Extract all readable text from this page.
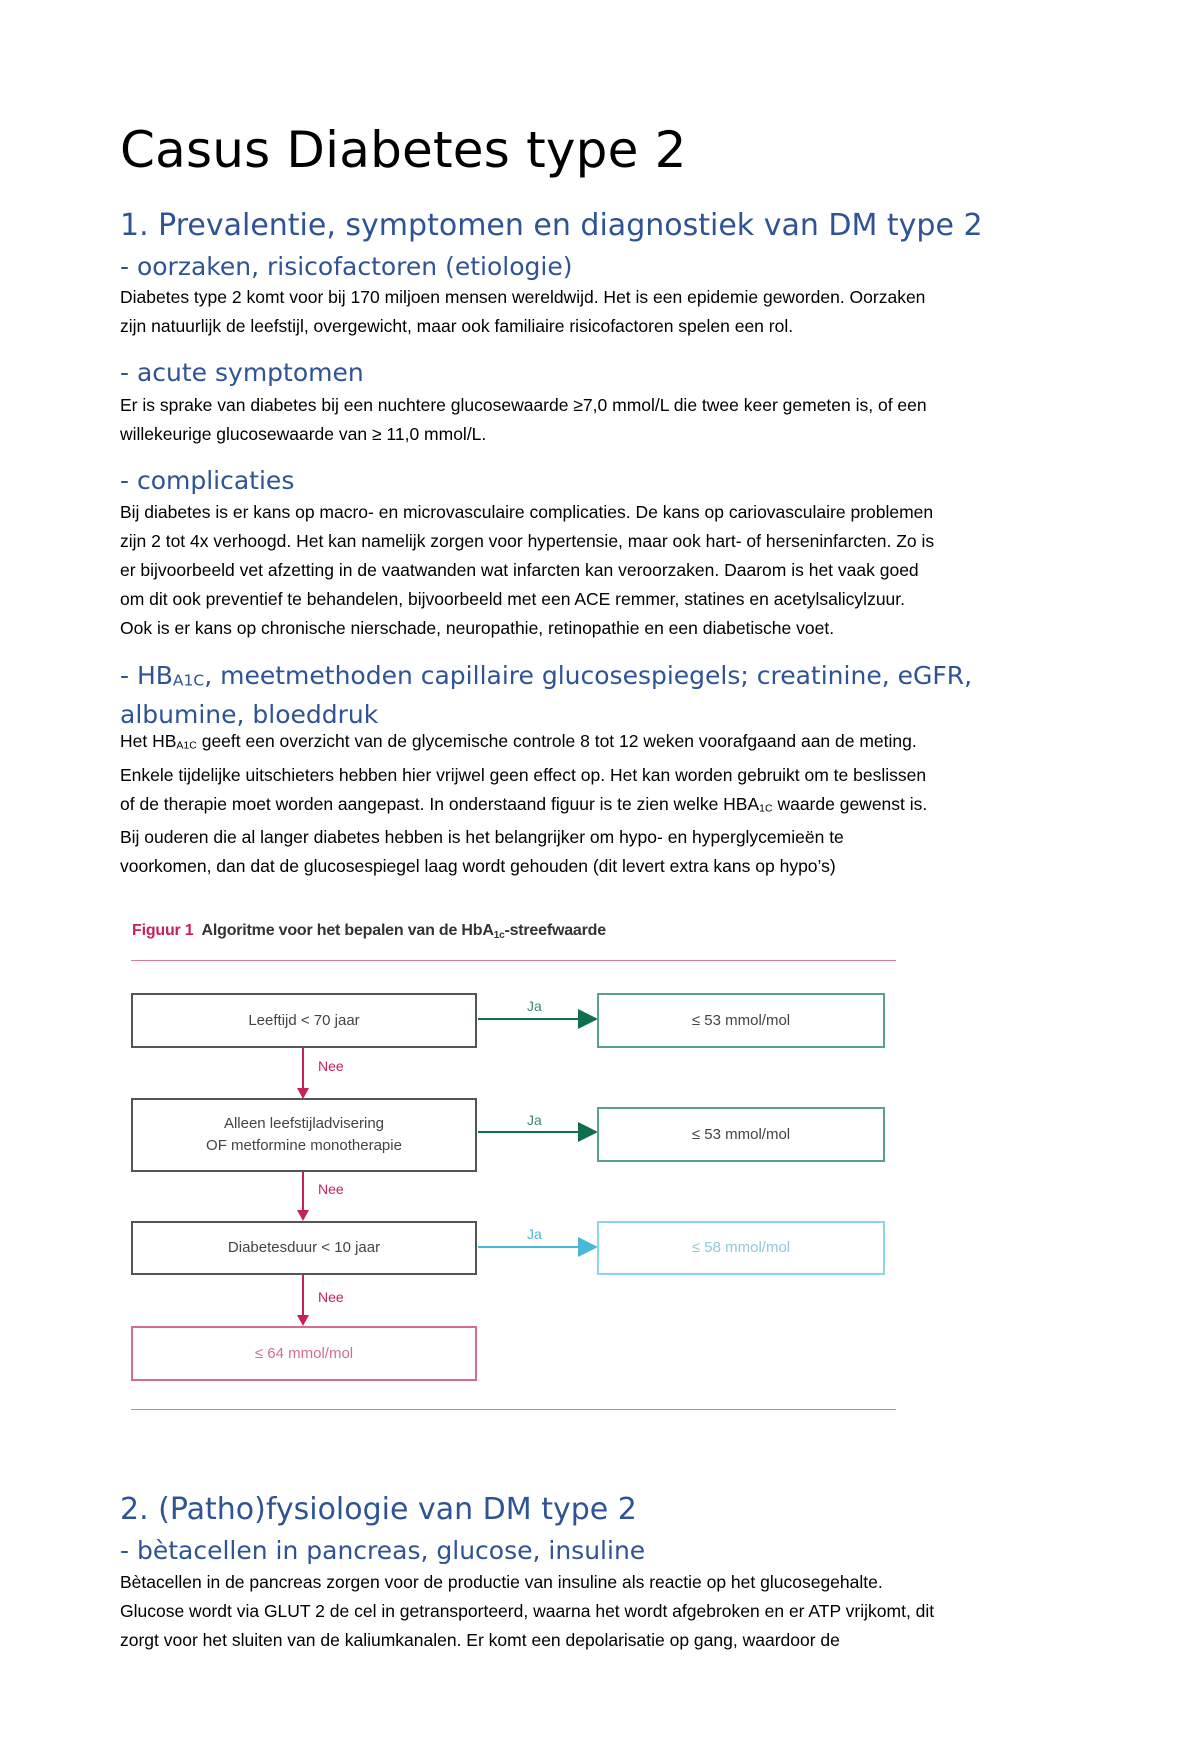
Casus Diabetes type 2
1. Prevalentie, symptomen en diagnostiek van DM type 2
- oorzaken, risicofactoren (etiologie)

Diabetes type 2 komt voor bij 170 miljoen mensen wereldwijd. Het is een epidemie geworden. Oorzaken
zijn natuurlijk de leefstijl, overgewicht, maar ook familiaire risicofactoren spelen een rol.

- acute symptomen

Er is sprake van diabetes bij een nuchtere glucosewaarde ≥7,0 mmol/L die twee keer gemeten is, of een
willekeurige glucosewaarde van ≥ 11,0 mmol/L.

- complicaties

Bij diabetes is er kans op macro- en microvasculaire complicaties. De kans op cariovasculaire problemen
zijn 2 tot 4x verhoogd. Het kan namelijk zorgen voor hypertensie, maar ook hart- of herseninfarcten. Zo is
er bijvoorbeeld vet afzetting in de vaatwanden wat infarcten kan veroorzaken. Daarom is het vaak goed
om dit ook preventief te behandelen, bijvoorbeeld met een ACE remmer, statines en acetylsalicylzuur.
Ook is er kans op chronische nierschade, neuropathie, retinopathie en een diabetische voet.

- HBA1C, meetmethoden capillaire glucosespiegels; creatinine, eGFR,
albumine, bloeddruk

Het HBA1C geeft een overzicht van de glycemische controle 8 tot 12 weken voorafgaand aan de meting.
Enkele tijdelijke uitschieters hebben hier vrijwel geen effect op. Het kan worden gebruikt om te beslissen
of de therapie moet worden aangepast. In onderstaand figuur is te zien welke HBA1C waarde gewenst is.
Bij ouderen die al langer diabetes hebben is het belangrijker om hypo- en hyperglycemieën te
voorkomen, dan dat de glucosespiegel laag wordt gehouden (dit levert extra kans op hypo’s)

Figuur 1 Algoritme voor het bepalen van de HbA1c-streefwaarde
Leeftijd < 70 jaar	≤ 53 mmol/mol
Alleen leefstijladvisering
OF metformine monotherapie
≤ 53 mmol/mol
Diabetesduur < 10 jaar	≤ 58 mmol/mol
≤ 64 mmol/mol
Ja
Ja
Ja
Nee
Nee
Nee
2. (Patho)fysiologie van DM type 2
- bètacellen in pancreas, glucose, insuline

Bètacellen in de pancreas zorgen voor de productie van insuline als reactie op het glucosegehalte.
Glucose wordt via GLUT 2 de cel in getransporteerd, waarna het wordt afgebroken en er ATP vrijkomt, dit
zorgt voor het sluiten van de kaliumkanalen. Er komt een depolarisatie op gang, waardoor de
